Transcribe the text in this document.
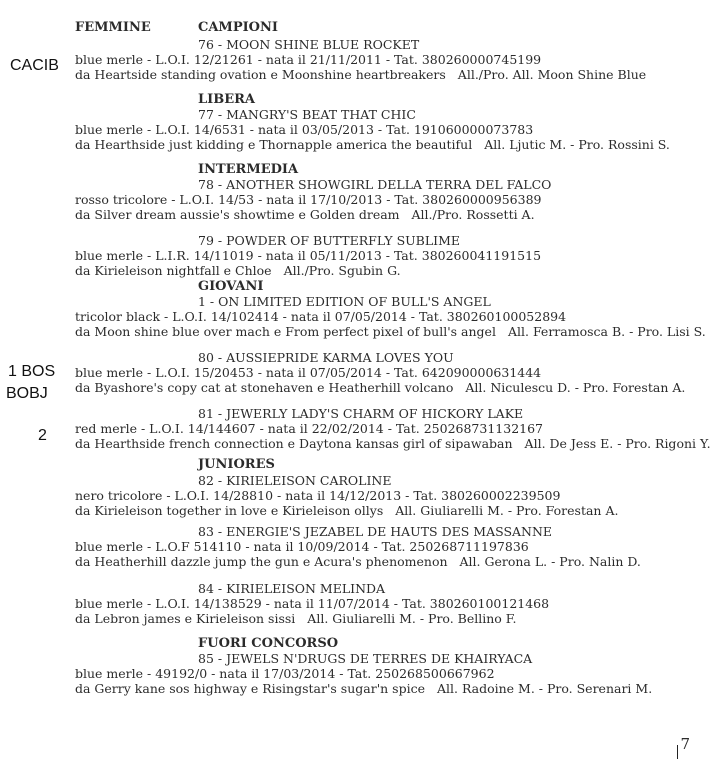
FEMMINE	CAMPIONI
76 - MOON SHINE BLUE ROCKET
blue merle - L.O.I. 12/21261 - nata il 21/11/2011 - Tat. 380260000745199
da Heartside standing ovation e Moonshine heartbreakers All./Pro. All. Moon Shine Blue
LIBERA
77 - MANGRY'S BEAT THAT CHIC
blue merle - L.O.I. 14/6531 - nata il 03/05/2013 - Tat. 191060000073783
da Hearthside just kidding e Thornapple america the beautiful All. Ljutic M. - Pro. Rossini S.
INTERMEDIA
78 - ANOTHER SHOWGIRL DELLA TERRA DEL FALCO
rosso tricolore - L.O.I. 14/53 - nata il 17/10/2013 - Tat. 380260000956389
da Silver dream aussie's showtime e Golden dream All./Pro. Rossetti A.
79 - POWDER OF BUTTERFLY SUBLIME
blue merle - L.I.R. 14/11019 - nata il 05/11/2013 - Tat. 380260041191515
da Kirieleison nightfall e Chloe All./Pro. Sgubin G.
GIOVANI
1 - ON LIMITED EDITION OF BULL'S ANGEL
tricolor black - L.O.I. 14/102414 - nata il 07/05/2014 - Tat. 380260100052894
da Moon shine blue over mach e From perfect pixel of bull's angel All. Ferramosca B. - Pro. Lisi S.
80 - AUSSIEPRIDE KARMA LOVES YOU
blue merle - L.O.I. 15/20453 - nata il 07/05/2014 - Tat. 642090000631444
da Byashore's copy cat at stonehaven e Heatherhill volcano All. Niculescu D. - Pro. Forestan A.
81 - JEWERLY LADY'S CHARM OF HICKORY LAKE
red merle - L.O.I. 14/144607 - nata il 22/02/2014 - Tat. 250268731132167
da Hearthside french connection e Daytona kansas girl of sipawaban All. De Jess E. - Pro. Rigoni Y.
JUNIORES
82 - KIRIELEISON CAROLINE
nero tricolore - L.O.I. 14/28810 - nata il 14/12/2013 - Tat. 380260002239509
da Kirieleison together in love e Kirieleison ollys All. Giuliarelli M. - Pro. Forestan A.
83 - ENERGIE'S JEZABEL DE HAUTS DES MASSANNE
blue merle - L.O.F 514110 - nata il 10/09/2014 - Tat. 250268711197836
da Heatherhill dazzle jump the gun e Acura's phenomenon All. Gerona L. - Pro. Nalin D.
84 - KIRIELEISON MELINDA
blue merle - L.O.I. 14/138529 - nata il 11/07/2014 - Tat. 380260100121468
da Lebron james e Kirieleison sissi All. Giuliarelli M. - Pro. Bellino F.
FUORI CONCORSO
85 - JEWELS N'DRUGS DE TERRES DE KHAIRYACA
blue merle - 49192/0 - nata il 17/03/2014 - Tat. 250268500667962
da Gerry kane sos highway e Risingstar's sugar'n spice All. Radoine M. - Pro. Serenari M.
CACIB
1 BOS
BOBJ
2
7
